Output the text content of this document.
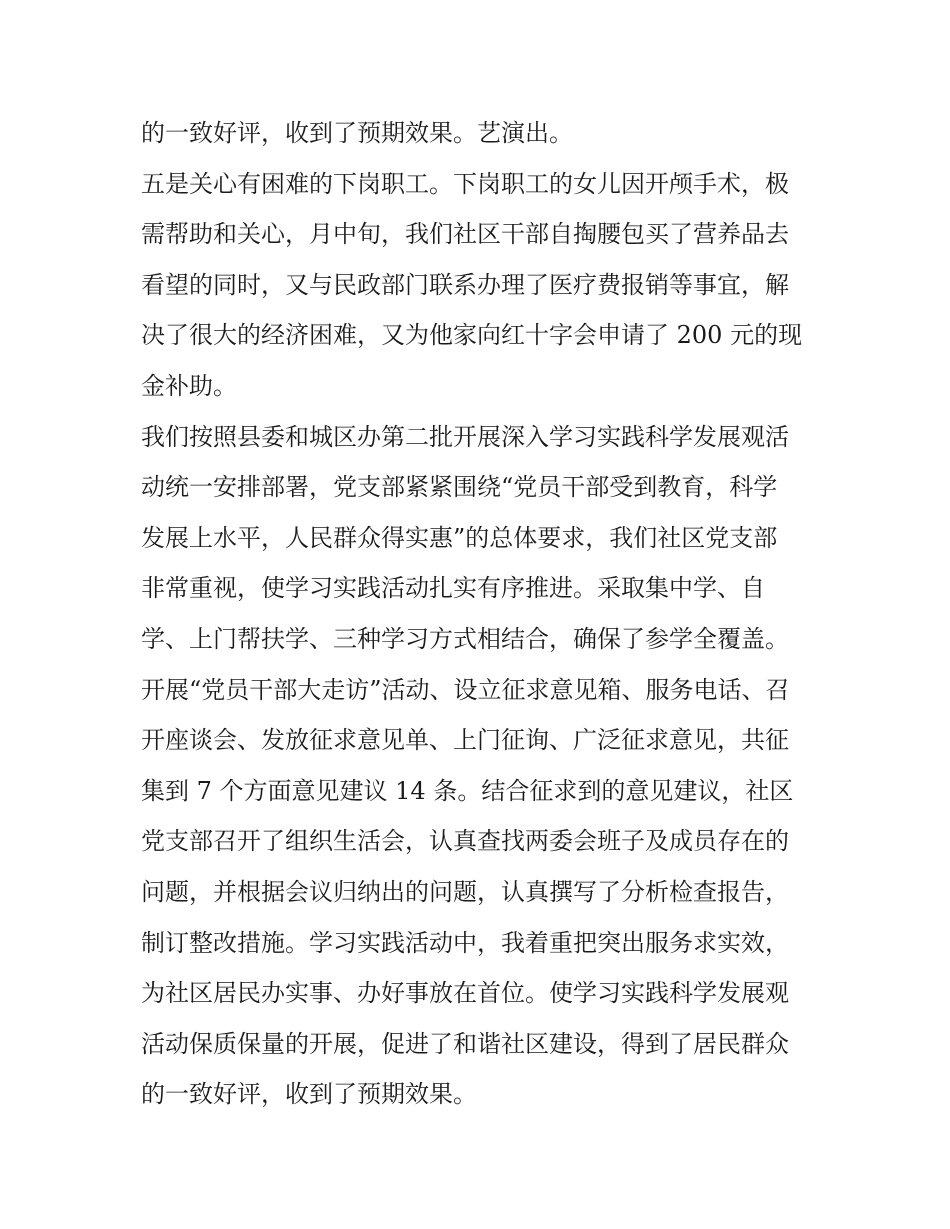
的一致好评，收到了预期效果。艺演出。
五是关心有困难的下岗职工。下岗职工的女儿因开颅手术，极
需帮助和关心，月中旬，我们社区干部自掏腰包买了营养品去
看望的同时，又与民政部门联系办理了医疗费报销等事宜，解
决了很大的经济困难，又为他家向红十字会申请了 200 元的现
金补助。
我们按照县委和城区办第二批开展深入学习实践科学发展观活
动统一安排部署，党支部紧紧围绕“党员干部受到教育，科学
发展上水平，人民群众得实惠”的总体要求，我们社区党支部
非常重视，使学习实践活动扎实有序推进。采取集中学、自
学、上门帮扶学、三种学习方式相结合，确保了参学全覆盖。
开展“党员干部大走访”活动、设立征求意见箱、服务电话、召
开座谈会、发放征求意见单、上门征询、广泛征求意见，共征
集到 7 个方面意见建议 14 条。结合征求到的意见建议，社区
党支部召开了组织生活会，认真查找两委会班子及成员存在的
问题，并根据会议归纳出的问题，认真撰写了分析检查报告，
制订整改措施。学习实践活动中，我着重把突出服务求实效，
为社区居民办实事、办好事放在首位。使学习实践科学发展观
活动保质保量的开展，促进了和谐社区建设，得到了居民群众
的一致好评，收到了预期效果。
